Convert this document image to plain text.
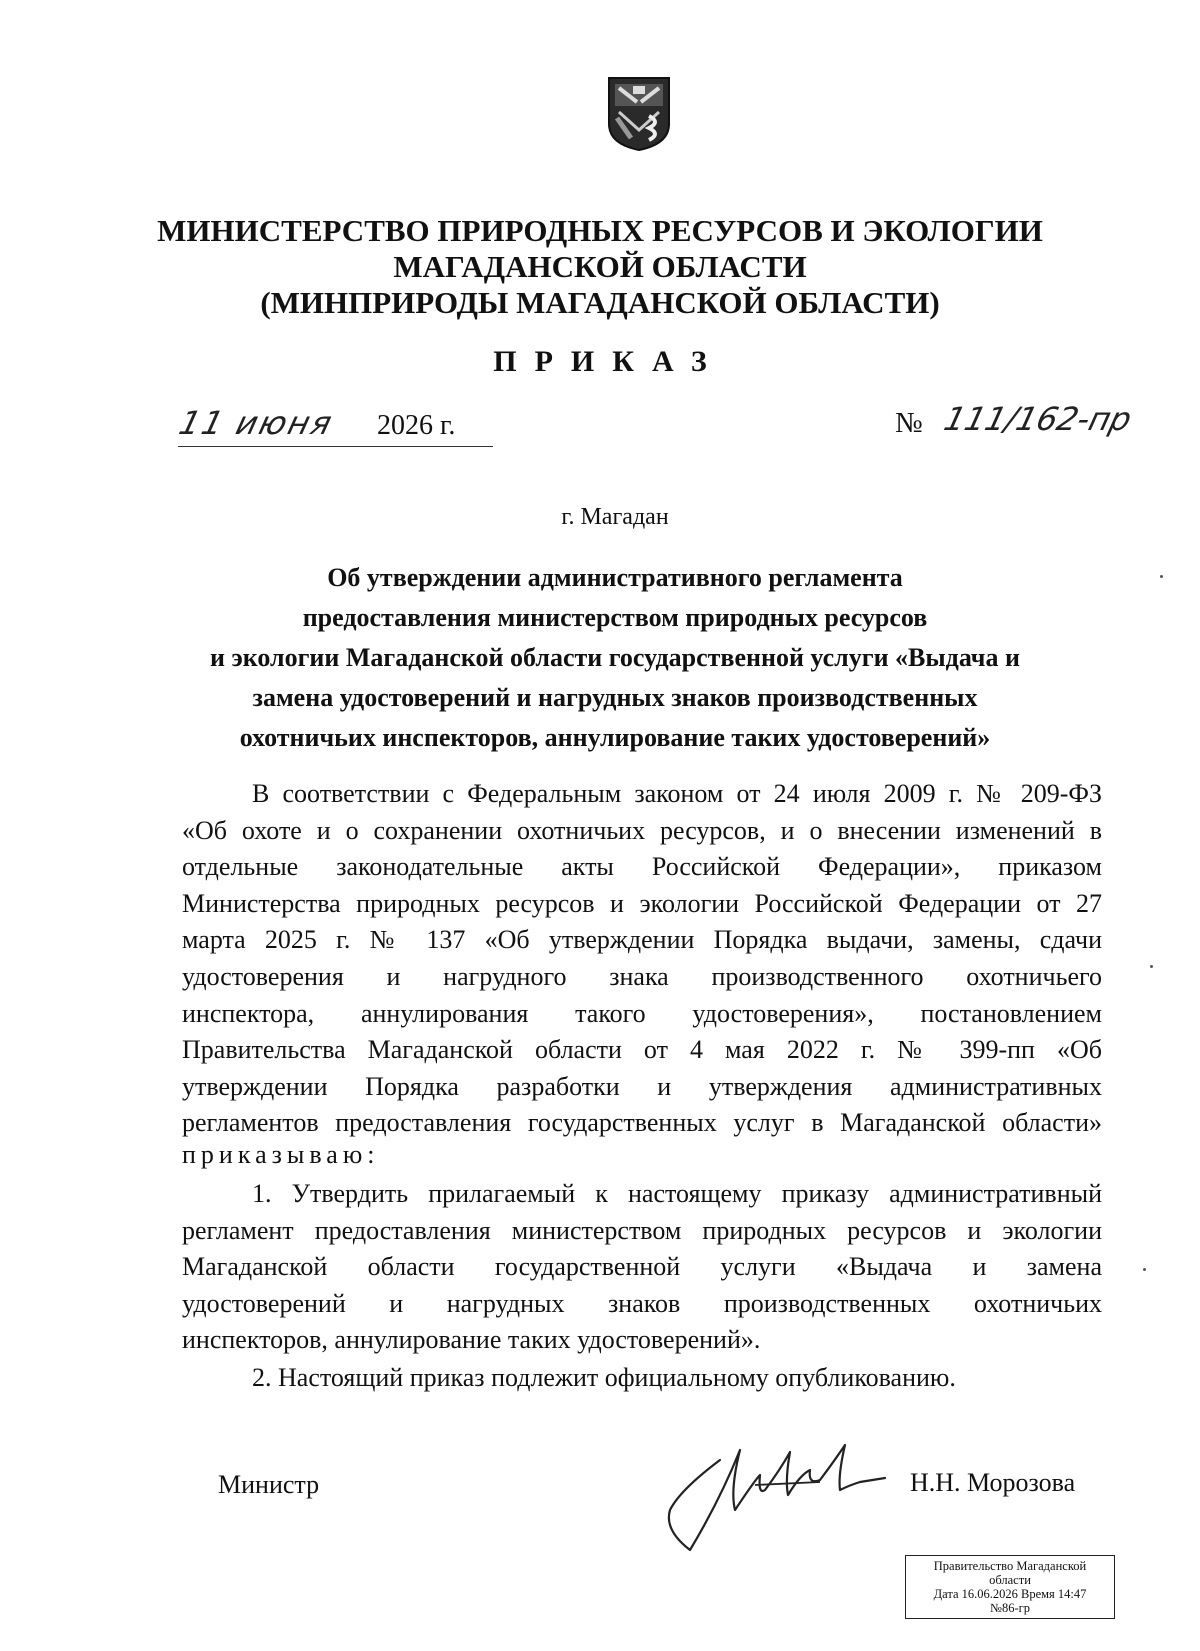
МИНИСТЕРСТВО ПРИРОДНЫХ РЕСУРСОВ И ЭКОЛОГИИ
МАГАДАНСКОЙ ОБЛАСТИ
(МИНПРИРОДЫ МАГАДАНСКОЙ ОБЛАСТИ)
ПРИКАЗ
11 июня 2026 г.	№ 111/162-пр
г. Магадан
Об утверждении административного регламента
предоставления министерством природных ресурсов
и экологии Магаданской области государственной услуги «Выдача и
замена удостоверений и нагрудных знаков производственных
охотничьих инспекторов, аннулирование таких удостоверений»
В соответствии с Федеральным законом от 24 июля 2009 г. № 209-ФЗ
«Об охоте и о сохранении охотничьих ресурсов, и о внесении изменений в
отдельные законодательные акты Российской Федерации», приказом
Министерства природных ресурсов и экологии Российской Федерации от 27
марта 2025 г. № 137 «Об утверждении Порядка выдачи, замены, сдачи
удостоверения и нагрудного знака производственного охотничьего
инспектора, аннулирования такого удостоверения», постановлением
Правительства Магаданской области от 4 мая 2022 г. № 399-пп «Об
утверждении Порядка разработки и утверждения административных
регламентов предоставления государственных услуг в Магаданской области»
приказываю:
1. Утвердить прилагаемый к настоящему приказу административный
регламент предоставления министерством природных ресурсов и экологии
Магаданской области государственной услуги «Выдача и замена
удостоверений и нагрудных знаков производственных охотничьих
инспекторов, аннулирование таких удостоверений».
2. Настоящий приказ подлежит официальному опубликованию.
Министр	Н.Н. Морозова
Правительство Магаданской
области
Дата 16.06.2026 Время 14:47
№86-гр
